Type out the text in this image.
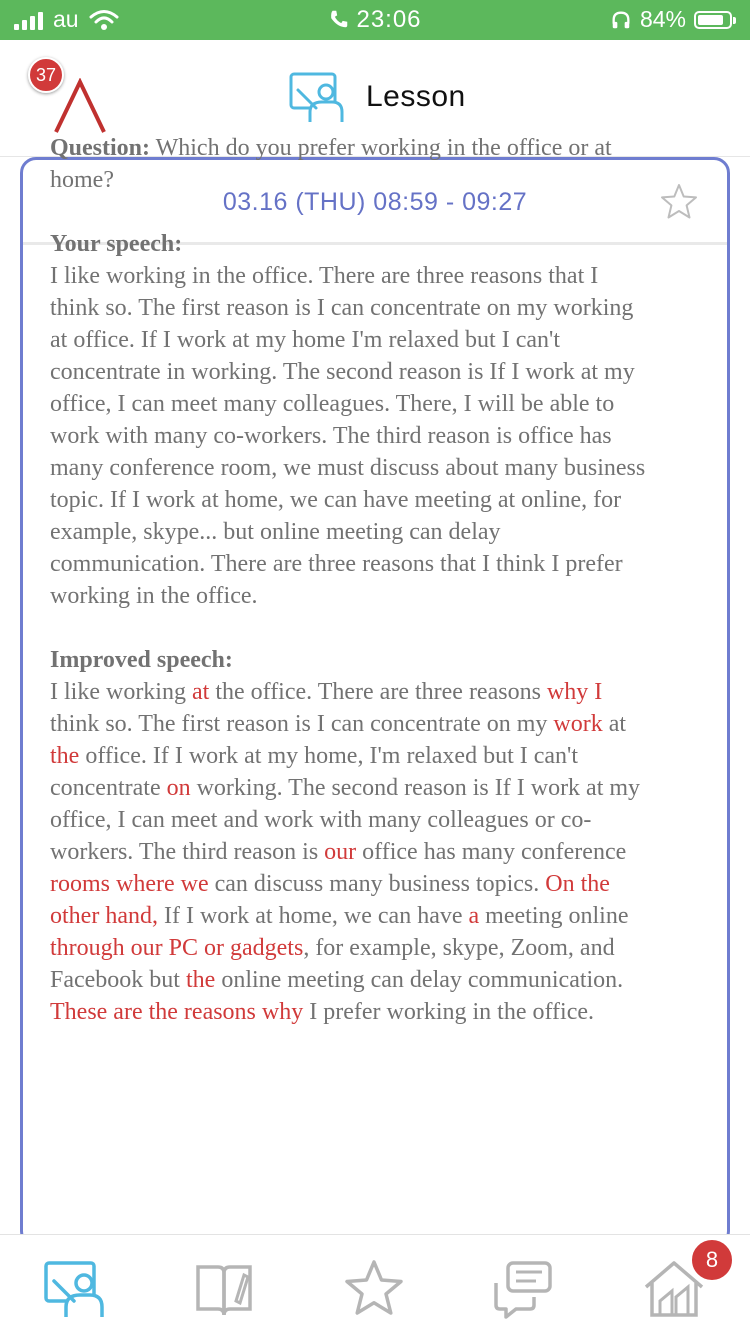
au	23:06	84%
37
Lesson
03.16 (THU) 08:59 - 09:27

Question: Which do you prefer working in the office or at home?

Your speech:
I like working in the office. There are three reasons that I think so. The first reason is I can concentrate on my working at office. If I work at my home I'm relaxed but I can't concentrate in working. The second reason is If I work at my office, I can meet many colleagues. There, I will be able to work with many co-workers. The third reason is office has many conference room, we must discuss about many business topic. If I work at home, we can have meeting at online, for example, skype... but online meeting can delay communication. There are three reasons that I think I prefer working in the office.

Improved speech:
I like working at the office. There are three reasons why I think so. The first reason is I can concentrate on my work at the office. If I work at my home, I'm relaxed but I can't concentrate on working. The second reason is If I work at my office, I can meet and work with many colleagues or co-workers. The third reason is our office has many conference rooms where we can discuss many business topics. On the other hand, If I work at home, we can have a meeting online through our PC or gadgets, for example, skype, Zoom, and Facebook but the online meeting can delay communication. These are the reasons why I prefer working in the office.

8
